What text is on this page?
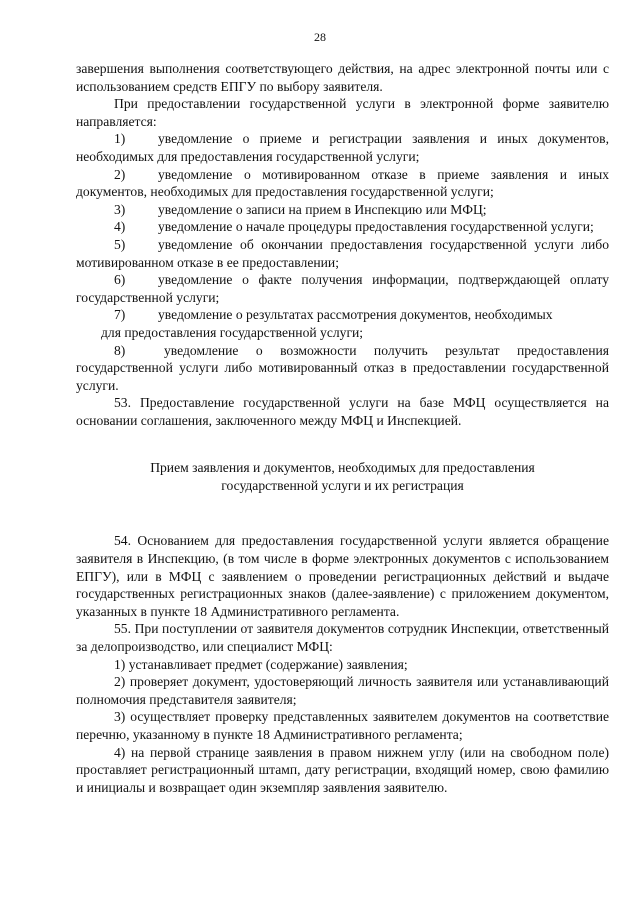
28

завершения выполнения соответствующего действия, на адрес электронной почты или с использованием средств ЕПГУ по выбору заявителя.

При предоставлении государственной услуги в электронной форме заявителю направляется:

1) уведомление о приеме и регистрации заявления и иных документов, необходимых для предоставления государственной услуги;

2) уведомление о мотивированном отказе в приеме заявления и иных документов, необходимых для предоставления государственной услуги;

3) уведомление о записи на прием в Инспекцию или МФЦ;

4) уведомление о начале процедуры предоставления государственной услуги;

5) уведомление об окончании предоставления государственной услуги либо мотивированном отказе в ее предоставлении;

6) уведомление о факте получения информации, подтверждающей оплату государственной услуги;

7) уведомление о результатах рассмотрения документов, необходимых

для предоставления государственной услуги;

8)	уведомление о возможности получить результат предоставления государственной услуги либо мотивированный отказ в предоставлении государственной услуги.

53. Предоставление государственной услуги на базе МФЦ осуществляется на основании соглашения, заключенного между МФЦ и Инспекцией.

Прием заявления и документов, необходимых для предоставления
государственной услуги и их регистрация

54. Основанием для предоставления государственной услуги является обращение заявителя в Инспекцию, (в том числе в форме электронных документов с использованием ЕПГУ), или в МФЦ с заявлением о проведении регистрационных действий и выдаче государственных регистрационных знаков (далее-заявление) с приложением документом, указанных в пункте 18 Административного регламента.

55. При поступлении от заявителя документов сотрудник Инспекции, ответственный за делопроизводство, или специалист МФЦ:

1) устанавливает предмет (содержание) заявления;

2) проверяет документ, удостоверяющий личность заявителя или устанавливающий полномочия представителя заявителя;

3) осуществляет проверку представленных заявителем документов на соответствие перечню, указанному в пункте 18 Административного регламента;

4) на первой странице заявления в правом нижнем углу (или на свободном поле) проставляет регистрационный штамп, дату регистрации, входящий номер, свою фамилию и инициалы и возвращает один экземпляр заявления заявителю.
